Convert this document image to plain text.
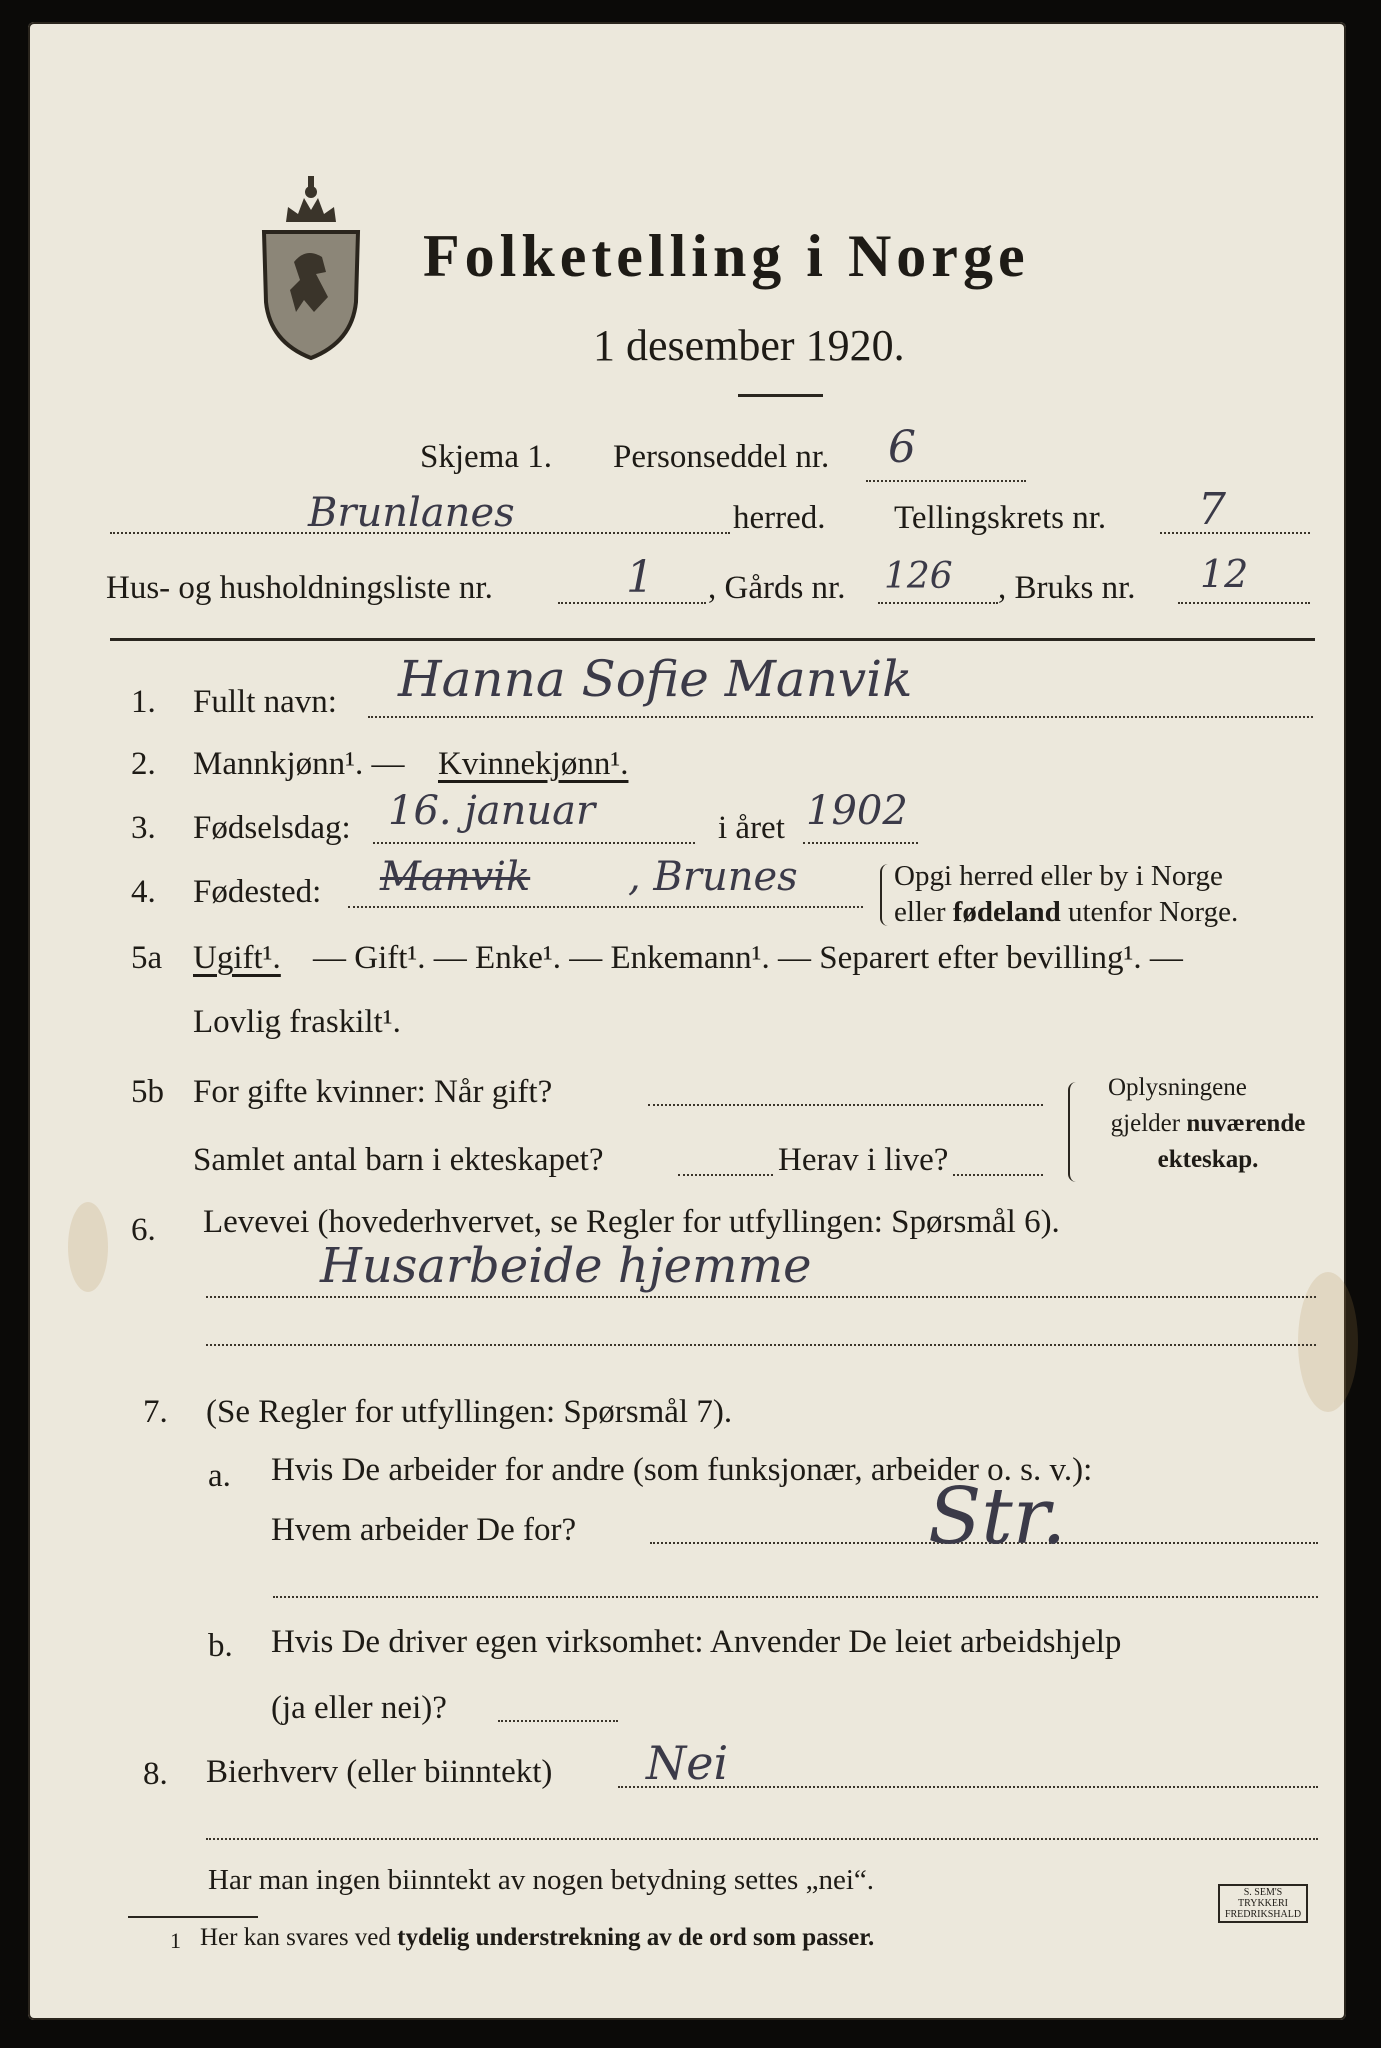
Folketelling i Norge
1 desember 1920.
Skjema 1. Personseddel nr. 6
Brunlanes	herred. Tellingskrets nr. 7
Hus- og husholdningsliste nr.	1 , Gårds nr. 126 , Bruks nr. 12
1. Fullt navn: Hanna Sofie Manvik
2. Mannkjønn¹. — Kvinnekjønn¹.
3. Fødselsdag: 16. januar	i året 1902
4. Fødested: Manvik , Brunes	Opgi herred eller by i Norge
eller fødeland utenfor Norge.
5a Ugift¹. — Gift¹. — Enke¹. — Enkemann¹. — Separert efter bevilling¹. —
Lovlig fraskilt¹.
5b For gifte kvinner: Når gift?
Samlet antal barn i ekteskapet?	Herav i live?
Oplysningene
gjelder nuværende
ekteskap.
6. Levevei (hovederhvervet, se Regler for utfyllingen: Spørsmål 6).
Husarbeide hjemme
7. (Se Regler for utfyllingen: Spørsmål 7).
a. Hvis De arbeider for andre (som funksjonær, arbeider o. s. v.):
Hvem arbeider De for?	Str.
b. Hvis De driver egen virksomhet: Anvender De leiet arbeidshjelp
(ja eller nei)?
8. Bierhverv (eller biinntekt) Nei
Har man ingen biinntekt av nogen betydning settes „nei“.
1 Her kan svares ved tydelig understrekning av de ord som passer.
S. SEM'S TRYKKERI FREDRIKSHALD
